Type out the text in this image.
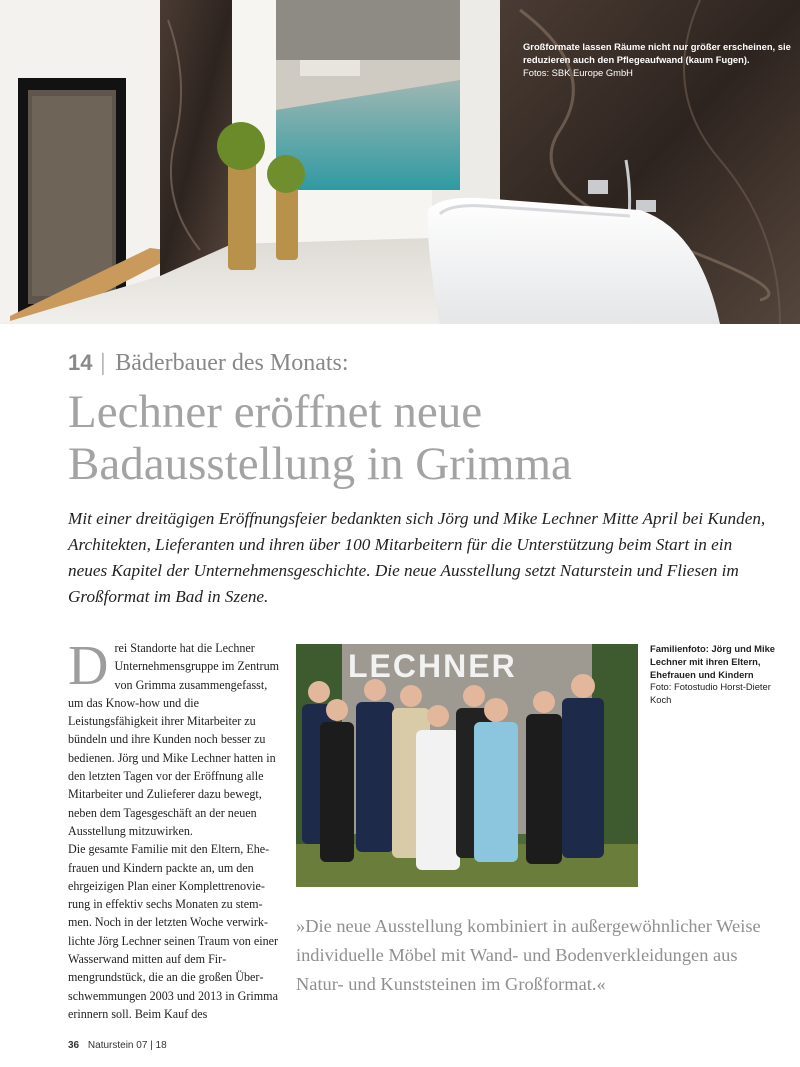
Großformate lassen Räume nicht nur größer erscheinen, sie reduzieren auch den Pflegeaufwand (kaum Fugen).
Fotos: SBK Europe GmbH
14 | Bäderbauer des Monats:
Lechner eröffnet neue
Badausstellung in Grimma

Mit einer dreitägigen Eröffnungsfeier bedankten sich Jörg und Mike Lechner Mitte April bei Kunden, Architekten, Lieferanten und ihren über 100 Mitarbeitern für die Unterstützung beim Start in ein neues Kapitel der Unternehmensgeschichte. Die neue Ausstellung setzt Naturstein und Fliesen im Großformat im Bad in Szene.

D rei Standorte hat die Lechner Unternehmensgruppe im Zentrum von Grimma zusammengefasst, um das Know-how und die Leistungsfähigkeit ihrer Mitarbeiter zu bündeln und ihre Kunden noch besser zu bedienen. Jörg und Mike Lechner hatten in den letzten Tagen vor der Eröffnung alle Mitarbeiter und Zulieferer dazu bewegt, neben dem Tagesgeschäft an der neuen Ausstellung mitzuwirken.

Die gesamte Familie mit den Eltern, Ehefrauen und Kindern packte an, um den ehrgeizigen Plan einer Komplettrenovierung in effektiv sechs Monaten zu stemmen. Noch in der letzten Woche verwirklichte Jörg Lechner seinen Traum von einer Wasserwand mitten auf dem Firmengrundstück, die an die großen Überschwemmungen 2003 und 2013 in Grimma erinnern soll. Beim Kauf des

LECHNER	Familienfoto: Jörg und Mike Lechner mit ihren Eltern, Ehefrauen und Kindern
Foto: Fotostudio Horst-Dieter Koch

»Die neue Ausstellung kombiniert in außergewöhnlicher Weise individuelle Möbel mit Wand- und Bodenverkleidungen aus Natur- und Kunststeinen im Großformat.«

36 Naturstein 07 | 18
